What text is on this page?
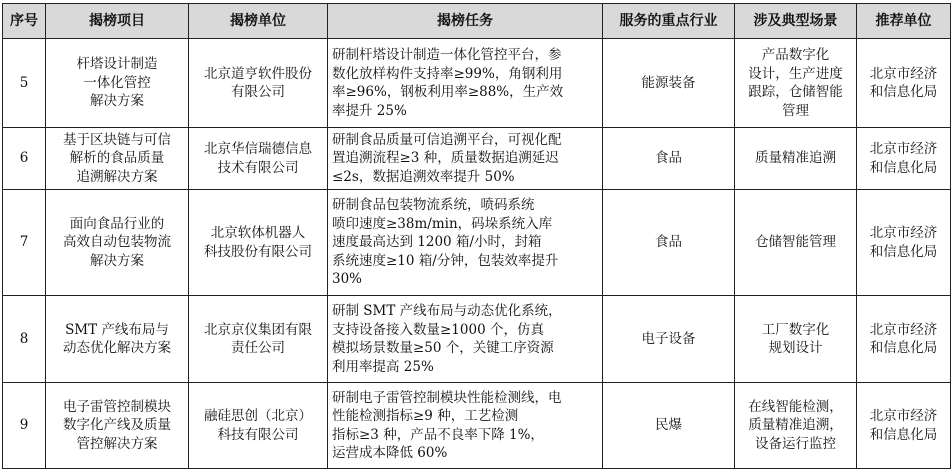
序号	揭榜项目	揭榜单位	揭榜任务	服务的重点行业	涉及典型场景	推荐单位
5	杆塔设计制造
一体化管控
解决方案	北京道亨软件股份
有限公司	研制杆塔设计制造一体化管控平台，参
数化放样构件支持率≥99%，角钢利用
率≥96%，钢板利用率≥88%，生产效
率提升 25%	能源装备	产品数字化
设计，生产进度
跟踪，仓储智能
管理	北京市经济
和信息化局
6	基于区块链与可信
解析的食品质量
追溯解决方案	北京华信瑞德信息
技术有限公司	研制食品质量可信追溯平台，可视化配
置追溯流程≥3 种，质量数据追溯延迟
≤2s，数据追溯效率提升 50%	食品	质量精准追溯	北京市经济
和信息化局
7	面向食品行业的
高效自动包装物流
解决方案	北京软体机器人
科技股份有限公司	研制食品包装物流系统，喷码系统
喷印速度≥38m/min，码垛系统入库
速度最高达到 1200 箱/小时，封箱
系统速度≥10 箱/分钟，包装效率提升
30%	食品	仓储智能管理	北京市经济
和信息化局
8	SMT 产线布局与
动态优化解决方案	北京京仪集团有限
责任公司	研制 SMT 产线布局与动态优化系统，
支持设备接入数量≥1000 个，仿真
模拟场景数量≥50 个，关键工序资源
利用率提高 25%	电子设备	工厂数字化
规划设计	北京市经济
和信息化局
9	电子雷管控制模块
数字化产线及质量
管控解决方案	融硅思创（北京）
科技有限公司	研制电子雷管控制模块性能检测线，电
性能检测指标≥9 种，工艺检测
指标≥3 种，产品不良率下降 1%，
运营成本降低 60%	民爆	在线智能检测，
质量精准追溯，
设备运行监控	北京市经济
和信息化局
